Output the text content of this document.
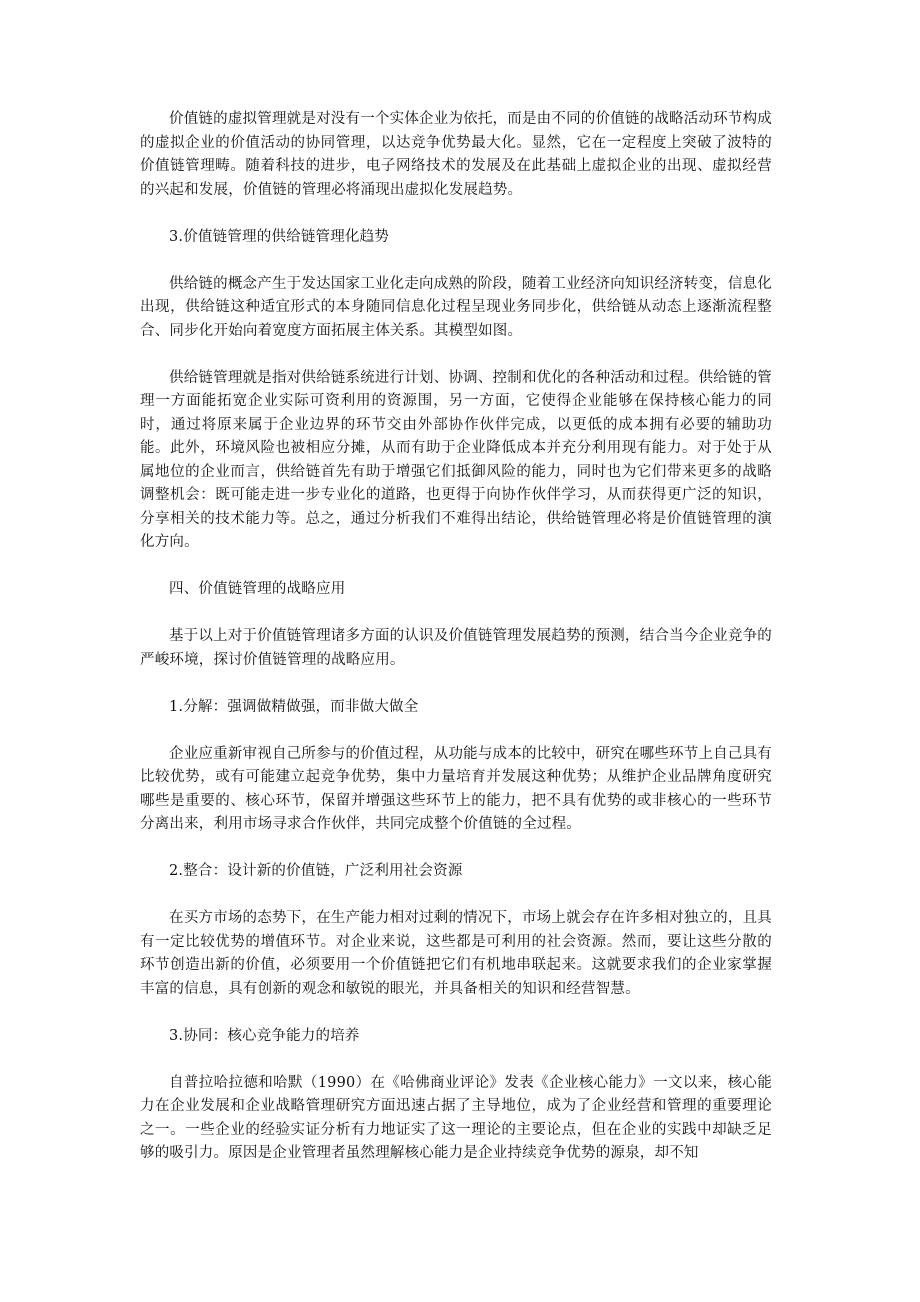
价值链的虚拟管理就是对没有一个实体企业为依托，而是由不同的价值链的战略活动环节构成的虚拟企业的价值活动的协同管理，以达竞争优势最大化。显然，它在一定程度上突破了波特的价值链管理畴。随着科技的进步，电子网络技术的发展及在此基础上虚拟企业的出现、虚拟经营的兴起和发展，价值链的管理必将涌现出虚拟化发展趋势。

3.价值链管理的供给链管理化趋势

供给链的概念产生于发达国家工业化走向成熟的阶段，随着工业经济向知识经济转变，信息化出现，供给链这种适宜形式的本身随同信息化过程呈现业务同步化，供给链从动态上逐渐流程整合、同步化开始向着宽度方面拓展主体关系。其模型如图。

供给链管理就是指对供给链系统进行计划、协调、控制和优化的各种活动和过程。供给链的管理一方面能拓宽企业实际可资利用的资源围，另一方面，它使得企业能够在保持核心能力的同时，通过将原来属于企业边界的环节交由外部协作伙伴完成，以更低的成本拥有必要的辅助功能。此外，环境风险也被相应分摊，从而有助于企业降低成本并充分利用现有能力。对于处于从属地位的企业而言，供给链首先有助于增强它们抵御风险的能力，同时也为它们带来更多的战略调整机会：既可能走进一步专业化的道路，也更得于向协作伙伴学习，从而获得更广泛的知识，分享相关的技术能力等。总之，通过分析我们不难得出结论，供给链管理必将是价值链管理的演化方向。

四、价值链管理的战略应用

基于以上对于价值链管理诸多方面的认识及价值链管理发展趋势的预测，结合当今企业竞争的严峻环境，探讨价值链管理的战略应用。

1.分解：强调做精做强，而非做大做全

企业应重新审视自己所参与的价值过程，从功能与成本的比较中，研究在哪些环节上自己具有比较优势，或有可能建立起竞争优势，集中力量培育并发展这种优势；从维护企业品牌角度研究哪些是重要的、核心环节，保留并增强这些环节上的能力，把不具有优势的或非核心的一些环节分离出来，利用市场寻求合作伙伴，共同完成整个价值链的全过程。

2.整合：设计新的价值链，广泛利用社会资源

在买方市场的态势下，在生产能力相对过剩的情况下，市场上就会存在许多相对独立的，且具有一定比较优势的增值环节。对企业来说，这些都是可利用的社会资源。然而，要让这些分散的环节创造出新的价值，必须要用一个价值链把它们有机地串联起来。这就要求我们的企业家掌握丰富的信息，具有创新的观念和敏锐的眼光，并具备相关的知识和经营智慧。

3.协同：核心竞争能力的培养

自普拉哈拉德和哈默（1990）在《哈佛商业评论》发表《企业核心能力》一文以来，核心能力在企业发展和企业战略管理研究方面迅速占据了主导地位，成为了企业经营和管理的重要理论之一。一些企业的经验实证分析有力地证实了这一理论的主要论点，但在企业的实践中却缺乏足够的吸引力。原因是企业管理者虽然理解核心能力是企业持续竞争优势的源泉，却不知
